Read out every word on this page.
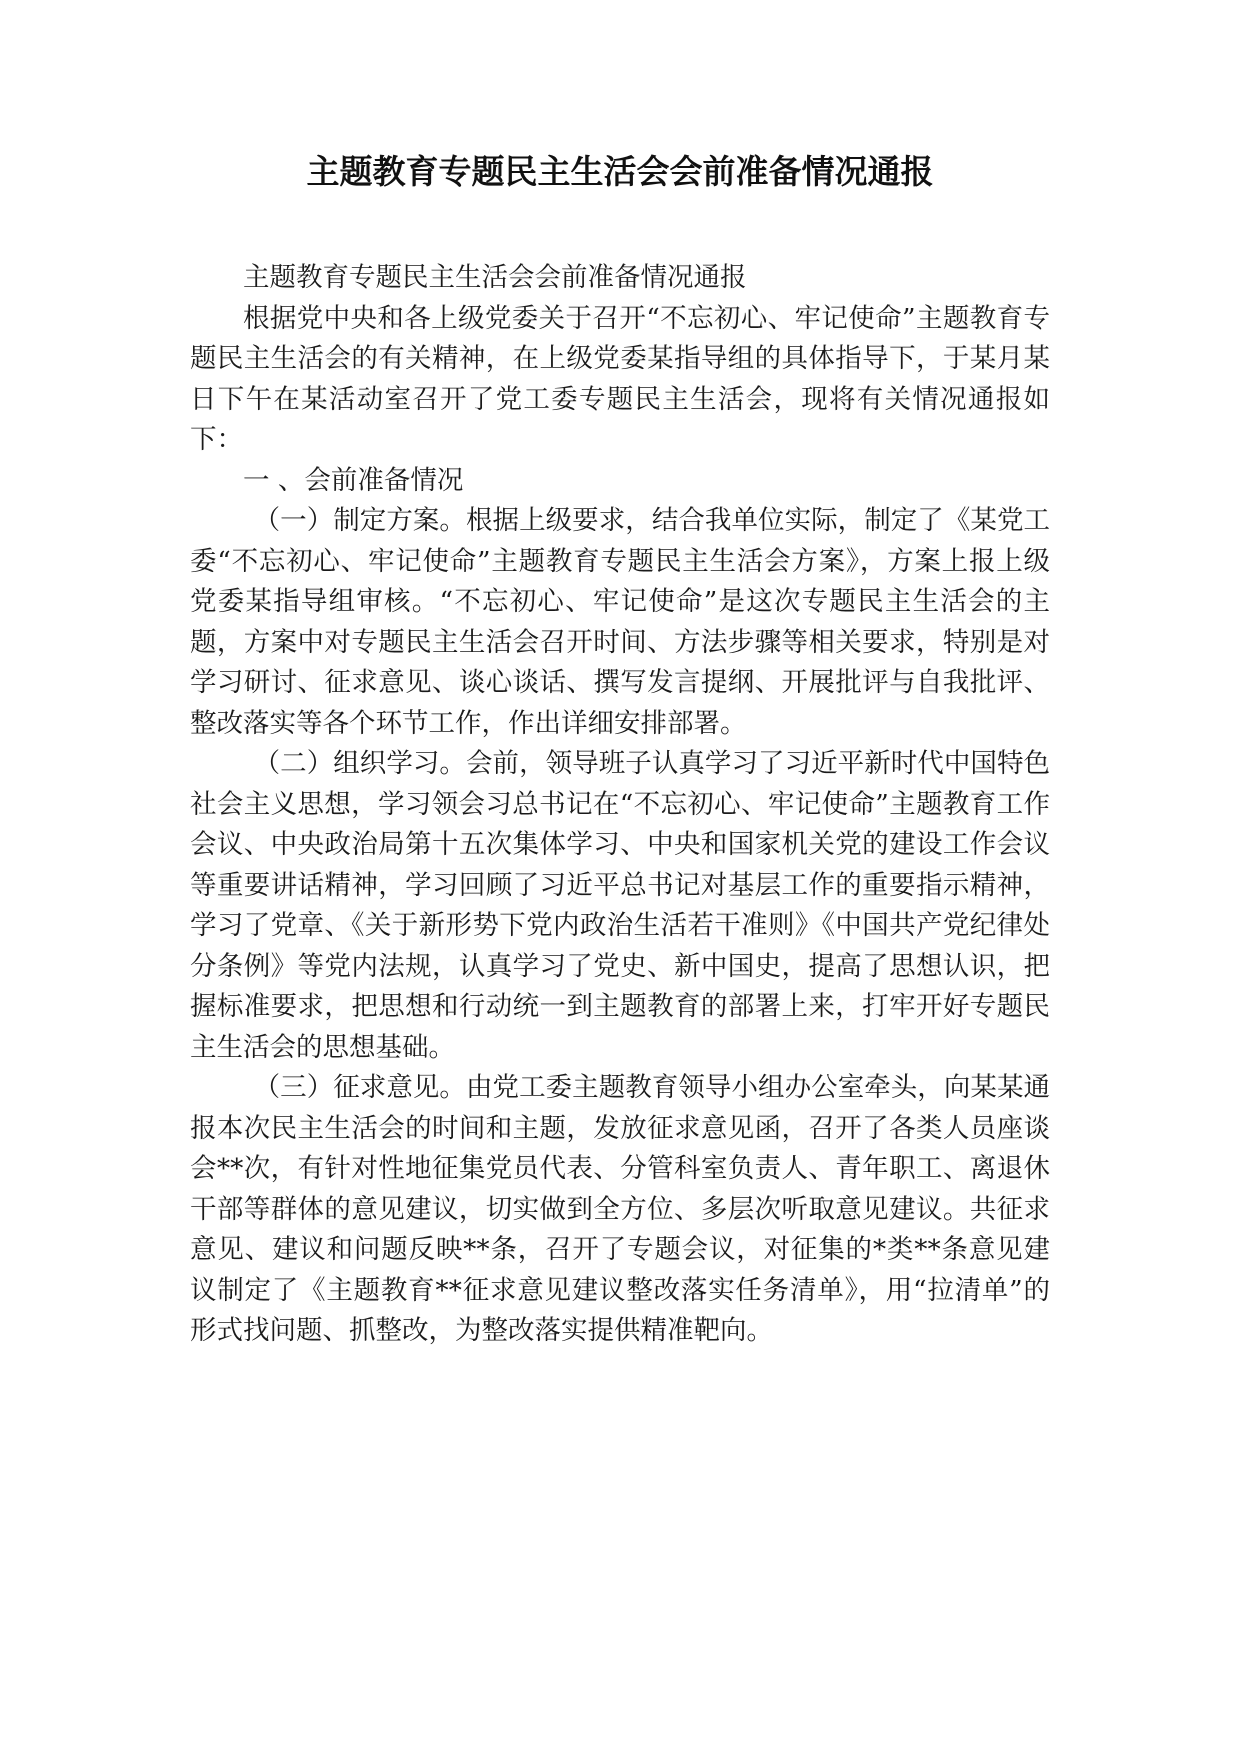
主题教育专题民主生活会会前准备情况通报

主题教育专题民主生活会会前准备情况通报

根据党中央和各上级党委关于召开“不忘初心、牢记使命”主题教育专题民主生活会的有关精神，在上级党委某指导组的具体指导下，于某月某日下午在某活动室召开了党工委专题民主生活会，现将有关情况通报如下：

一 、会前准备情况

（一）制定方案。根据上级要求，结合我单位实际，制定了《某党工委“不忘初心、牢记使命”主题教育专题民主生活会方案》，方案上报上级党委某指导组审核。“不忘初心、牢记使命”是这次专题民主生活会的主题，方案中对专题民主生活会召开时间、方法步骤等相关要求，特别是对学习研讨、征求意见、谈心谈话、撰写发言提纲、开展批评与自我批评、整改落实等各个环节工作，作出详细安排部署。

（二）组织学习。会前，领导班子认真学习了习近平新时代中国特色社会主义思想，学习领会习总书记在“不忘初心、牢记使命”主题教育工作会议、中央政治局第十五次集体学习、中央和国家机关党的建设工作会议等重要讲话精神，学习回顾了习近平总书记对基层工作的重要指示精神，学习了党章、《关于新形势下党内政治生活若干准则》《中国共产党纪律处分条例》等党内法规，认真学习了党史、新中国史，提高了思想认识，把握标准要求，把思想和行动统一到主题教育的部署上来，打牢开好专题民主生活会的思想基础。

（三）征求意见。由党工委主题教育领导小组办公室牵头，向某某通报本次民主生活会的时间和主题，发放征求意见函，召开了各类人员座谈会**次，有针对性地征集党员代表、分管科室负责人、青年职工、离退休干部等群体的意见建议，切实做到全方位、多层次听取意见建议。共征求意见、建议和问题反映**条，召开了专题会议，对征集的*类**条意见建议制定了《主题教育**征求意见建议整改落实任务清单》，用“拉清单”的形式找问题、抓整改，为整改落实提供精准靶向。
